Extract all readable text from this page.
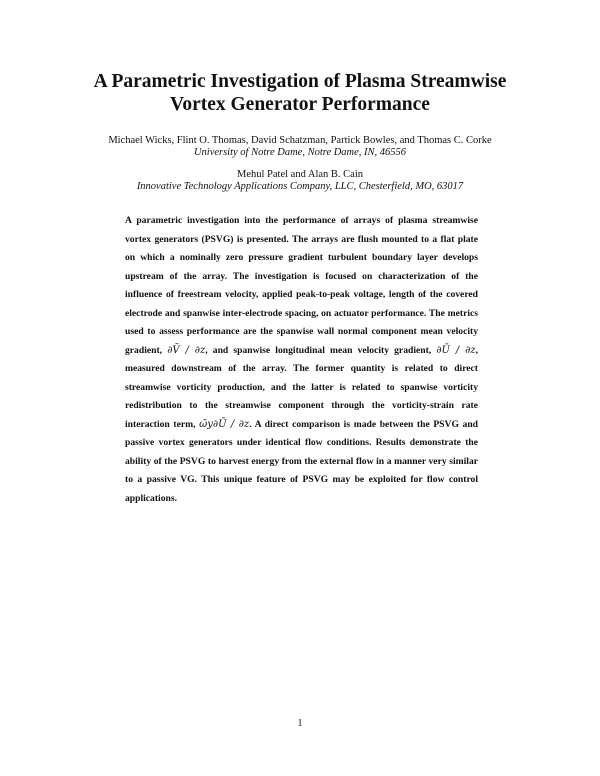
A Parametric Investigation of Plasma Streamwise
Vortex Generator Performance
Michael Wicks, Flint O. Thomas, David Schatzman, Partick Bowles, and Thomas C. Corke
University of Notre Dame, Notre Dame, IN, 46556
Mehul Patel and Alan B. Cain
Innovative Technology Applications Company, LLC, Chesterfield, MO, 63017

A parametric investigation into the performance of arrays of plasma streamwise vortex generators (PSVG) is presented. The arrays are flush mounted to a flat plate on which a nominally zero pressure gradient turbulent boundary layer develops upstream of the array. The investigation is focused on characterization of the influence of freestream velocity, applied peak-to-peak voltage, length of the covered electrode and spanwise inter-electrode spacing, on actuator performance. The metrics used to assess performance are the spanwise wall normal component mean velocity gradient, ∂V̄ / ∂z, and spanwise longitudinal mean velocity gradient, ∂Ū / ∂z, measured downstream of the array. The former quantity is related to direct streamwise vorticity production, and the latter is related to spanwise vorticity redistribution to the streamwise component through the vorticity-strain rate interaction term, ω̄y∂Ū / ∂z. A direct comparison is made between the PSVG and passive vortex generators under identical flow conditions. Results demonstrate the ability of the PSVG to harvest energy from the external flow in a manner very similar to a passive VG. This unique feature of PSVG may be exploited for flow control applications.

1
